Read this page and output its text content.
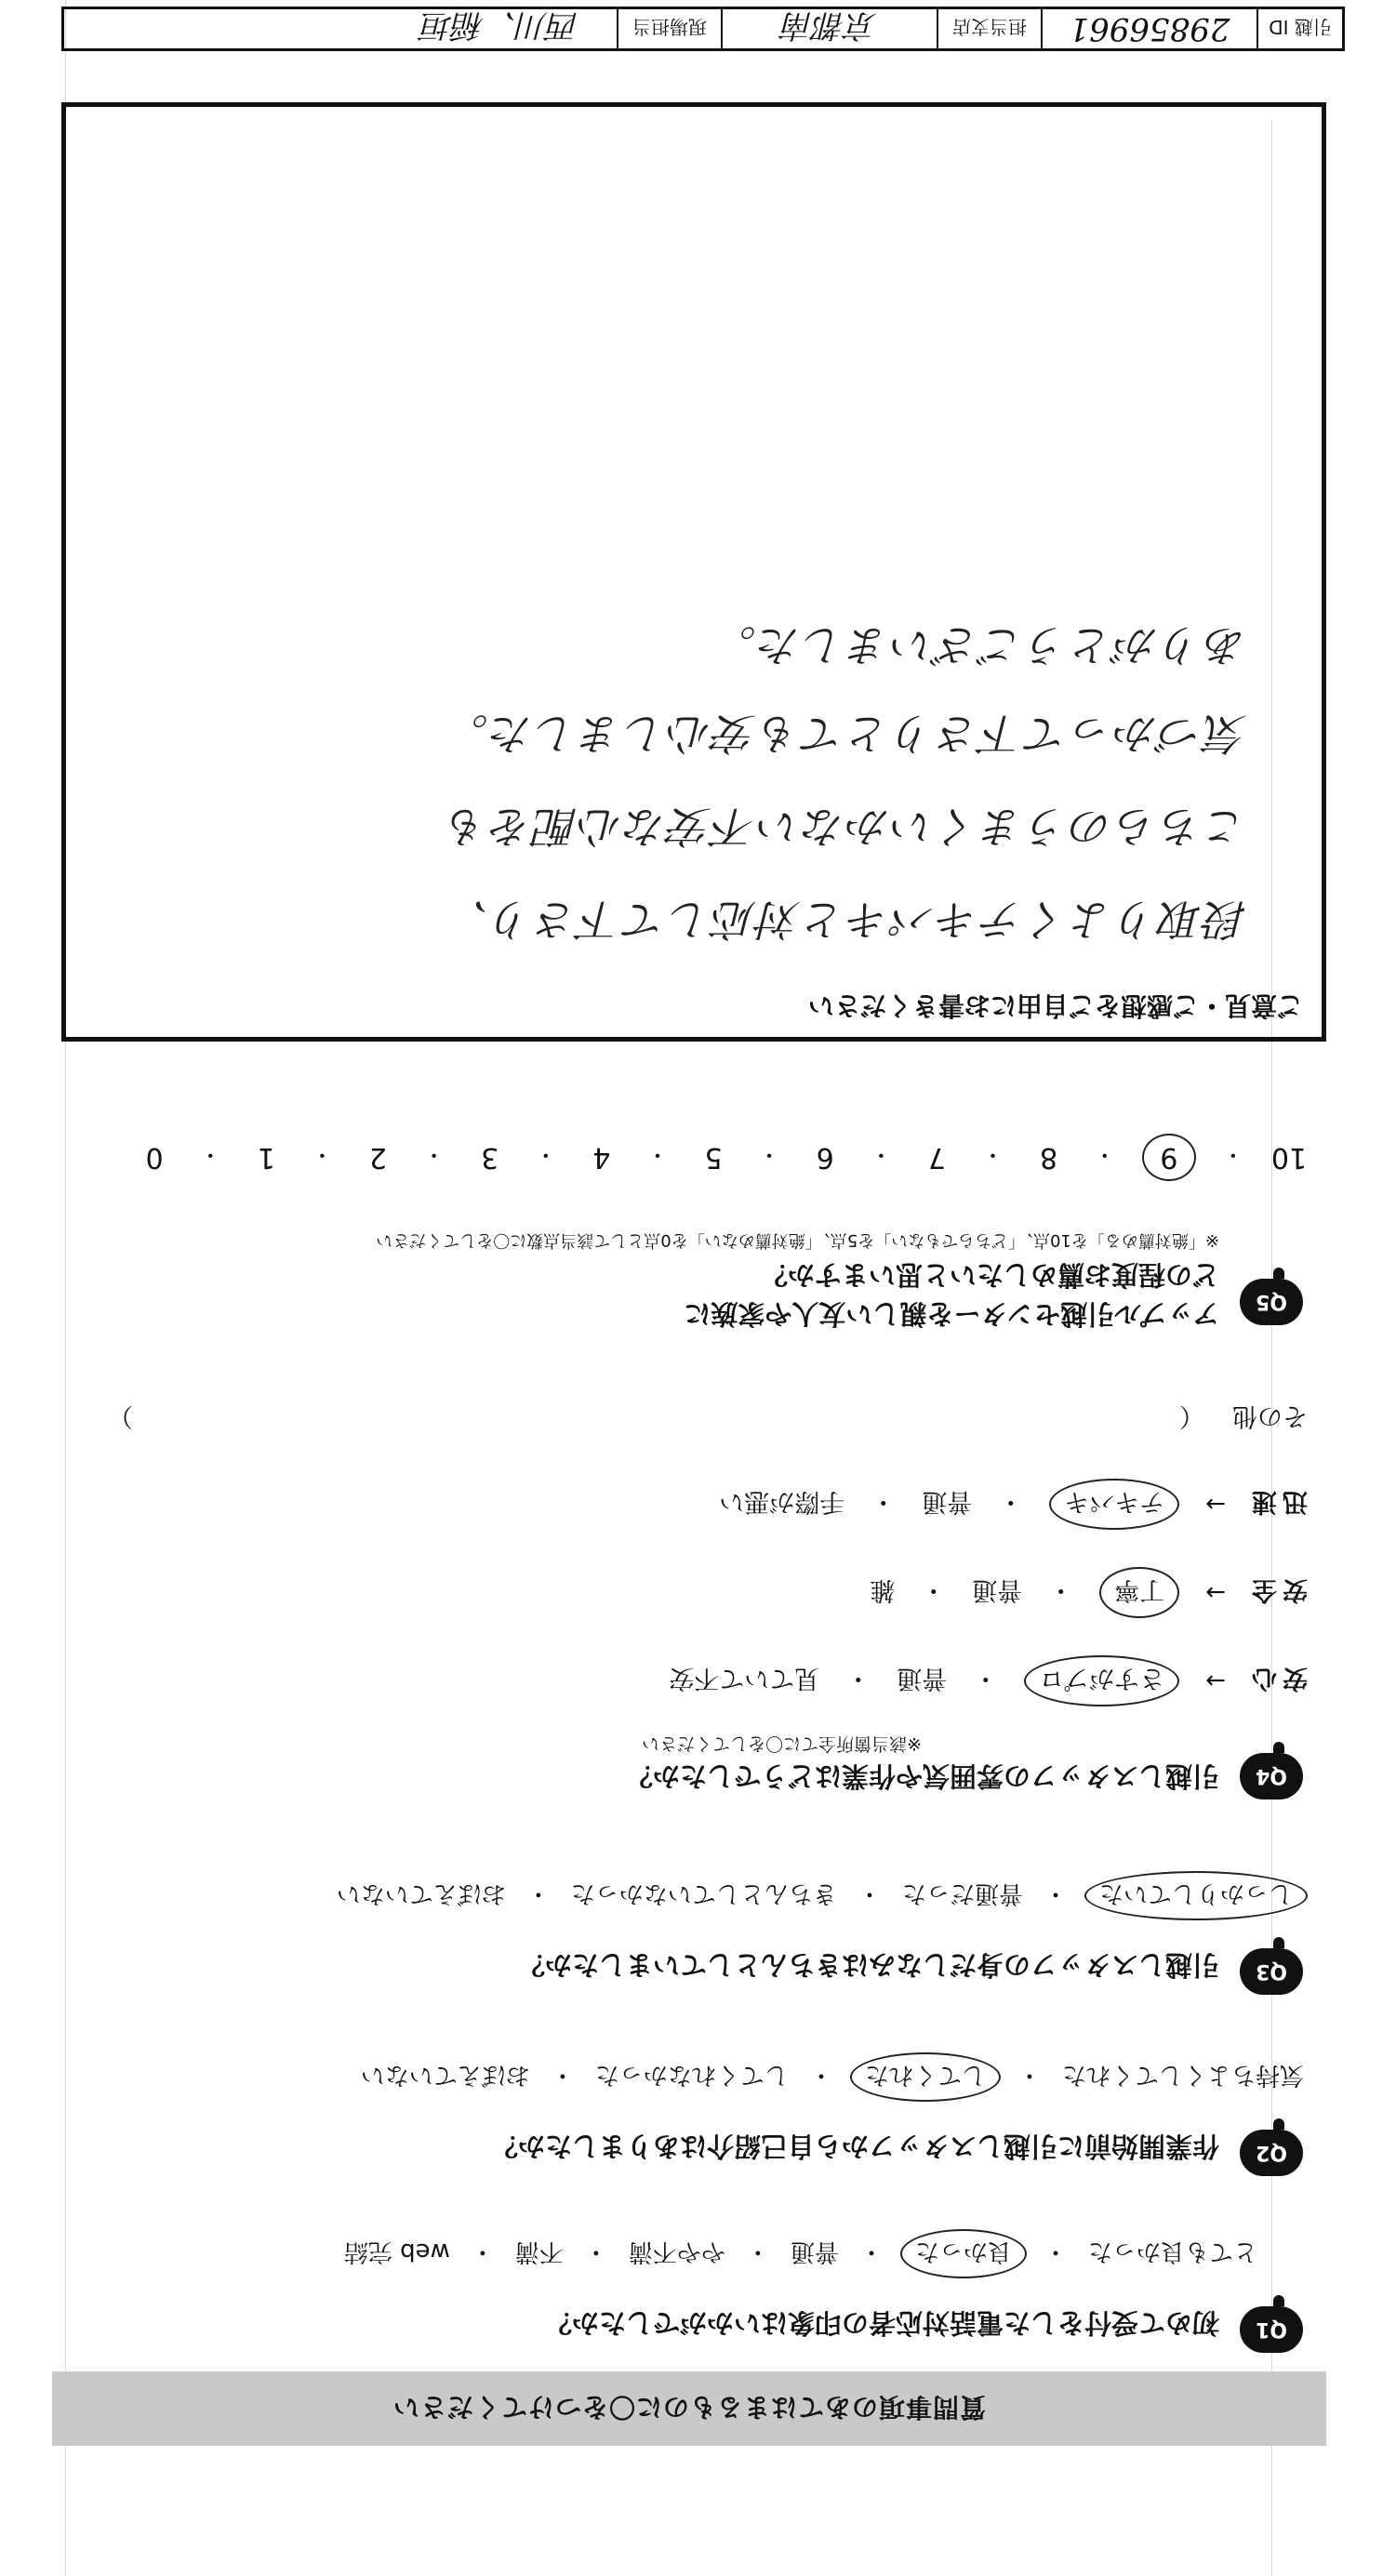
質問事項のあてはまるものに〇をつけてください
Q1
初めて受付をした電話対応者の印象はいかがでしたか？
とても良かった
・
良かった
・
普通
・
やや不満
・
不満
・
web 完結
Q2
作業開始前に引越しスタッフから自己紹介はありましたか？
気持ちよくしてくれた
・
してくれた
・
してくれなかった
・
おぼえていない
Q3
引越しスタッフの身だしなみはきちんとしていましたか？
しっかりしていた
・
普通だった
・
きちんとしていなかった
・
おぼえていない
Q4
引越しスタッフの雰囲気や作業はどうでしたか？
※該当箇所全てに〇をしてください
安心
→
さすがプロ
・
普通
・
見ていて不安
安全
→
丁寧
・
普通
・
雑
迅速
→
テキパキ
・
普通
・
手際が悪い
その他（
）
Q5
アップル引越センターを親しい友人や家族に
どの程度お薦めしたいと思いますか？
※「絶対薦める」を10点、「どちらでもない」を5点、「絶対薦めない」を0点として該当点数に〇をしてください
10
・
9
・
8
・
7
・
6
・
5
・
4
・
3
・
2
・
1
・
0
ご意見・ご感想をご自由にお書きください
段取りよくテキパキと対応して下さり、
こちらのうまくいかない不安な心配をも
気づかって下さりとても安心しました。
ありがとうございました。
引越 ID
29856961
担当支店
京都南
現場担当
西川、稲垣
